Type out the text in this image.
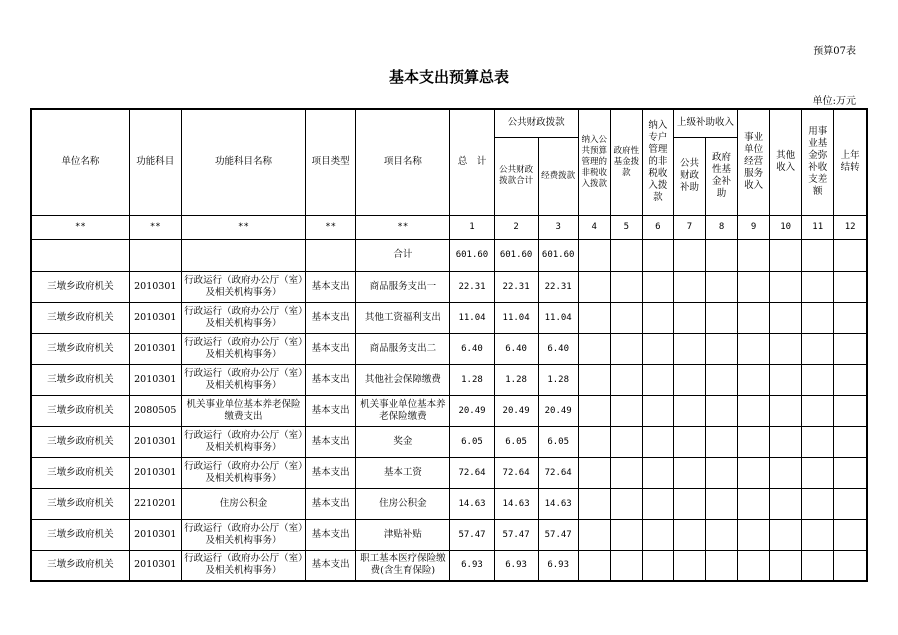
预算07表
基本支出预算总表
单位:万元
单位名称	功能科目	功能科目名称	项目类型	项目名称	总　计	公共财政拨款		纳入公共预算管理的非税收入拨款	政府性基金拨款	纳入专户管理的非税收入拨款	上级补助收入		事业单位经营服务收入	其他收入	用事业基金弥补收支差额	上年结转
						公共财政拨款合计	经费拨款				公共财政补助	政府性基金补助				
**	**	**	**	**	1	2	3	4	5	6	7	8	9	10	11	12
				合计	601.60	601.60	601.60									
三墩乡政府机关	2010301	行政运行（政府办公厅（室）及相关机构事务）	基本支出	商品服务支出一	22.31	22.31	22.31									
三墩乡政府机关	2010301	行政运行（政府办公厅（室）及相关机构事务）	基本支出	其他工资福利支出	11.04	11.04	11.04									
三墩乡政府机关	2010301	行政运行（政府办公厅（室）及相关机构事务）	基本支出	商品服务支出二	6.40	6.40	6.40									
三墩乡政府机关	2010301	行政运行（政府办公厅（室）及相关机构事务）	基本支出	其他社会保障缴费	1.28	1.28	1.28									
三墩乡政府机关	2080505	机关事业单位基本养老保险缴费支出	基本支出	机关事业单位基本养老保险缴费	20.49	20.49	20.49									
三墩乡政府机关	2010301	行政运行（政府办公厅（室）及相关机构事务）	基本支出	奖金	6.05	6.05	6.05									
三墩乡政府机关	2010301	行政运行（政府办公厅（室）及相关机构事务）	基本支出	基本工资	72.64	72.64	72.64									
三墩乡政府机关	2210201	住房公积金	基本支出	住房公积金	14.63	14.63	14.63									
三墩乡政府机关	2010301	行政运行（政府办公厅（室）及相关机构事务）	基本支出	津贴补贴	57.47	57.47	57.47									
三墩乡政府机关	2010301	行政运行（政府办公厅（室）及相关机构事务）	基本支出	职工基本医疗保险缴费(含生育保险)	6.93	6.93	6.93									
